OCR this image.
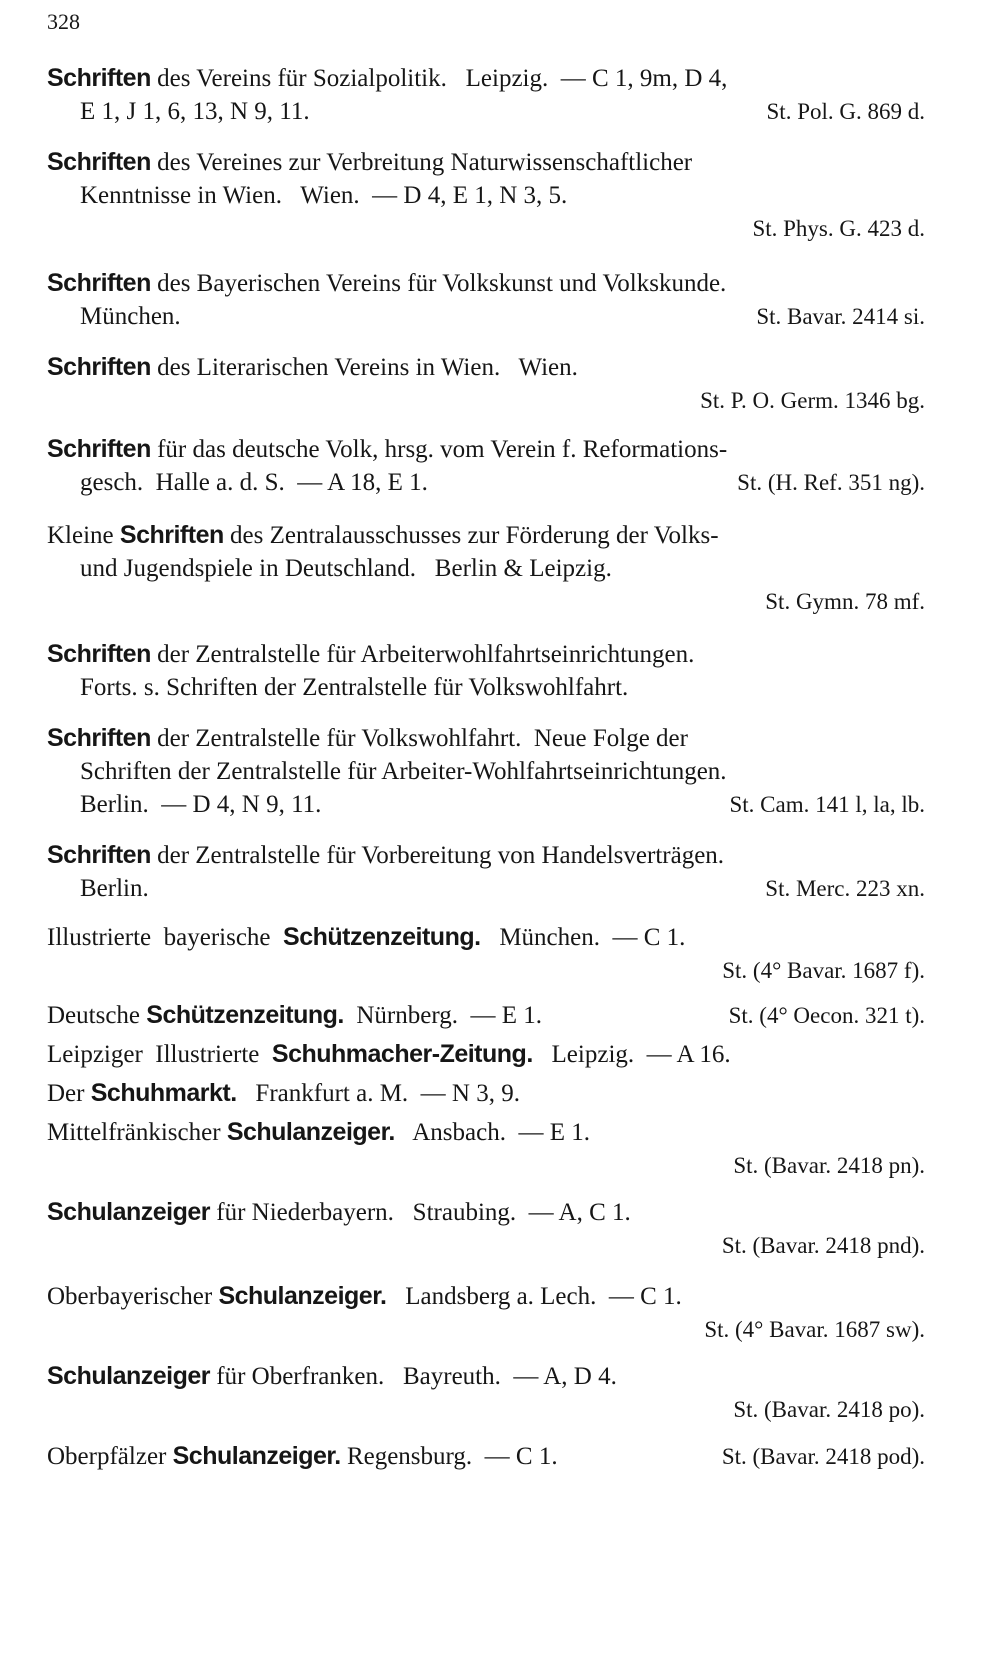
328
Schriften des Vereins für Sozialpolitik.   Leipzig.  — C 1, 9m, D 4,
E 1, J 1, 6, 13, N 9, 11.	St. Pol. G. 869 d.
Schriften des Vereines zur Verbreitung Naturwissenschaftlicher
Kenntnisse in Wien.   Wien.  — D 4, E 1, N 3, 5.
St. Phys. G. 423 d.
Schriften des Bayerischen Vereins für Volkskunst und Volkskunde.
München.	St. Bavar. 2414 si.
Schriften des Literarischen Vereins in Wien.   Wien.
St. P. O. Germ. 1346 bg.
Schriften für das deutsche Volk, hrsg. vom Verein f. Reformations-
gesch.  Halle a. d. S.  — A 18, E 1.	St. (H. Ref. 351 ng).
Kleine Schriften des Zentralausschusses zur Förderung der Volks-
und Jugendspiele in Deutschland.   Berlin & Leipzig.
St. Gymn. 78 mf.
Schriften der Zentralstelle für Arbeiterwohlfahrtseinrichtungen.
Forts. s. Schriften der Zentralstelle für Volkswohlfahrt.
Schriften der Zentralstelle für Volkswohlfahrt.  Neue Folge der
Schriften der Zentralstelle für Arbeiter-Wohlfahrtseinrichtungen.
Berlin.  — D 4, N 9, 11.	St. Cam. 141 l, la, lb.
Schriften der Zentralstelle für Vorbereitung von Handelsverträgen.
Berlin.	St. Merc. 223 xn.
Illustrierte  bayerische  Schützenzeitung.   München.  — C 1.
St. (4° Bavar. 1687 f).
Deutsche Schützenzeitung.  Nürnberg.  — E 1.	St. (4° Oecon. 321 t).
Leipziger  Illustrierte  Schuhmacher-Zeitung.   Leipzig.  — A 16.
Der Schuhmarkt.   Frankfurt a. M.  — N 3, 9.
Mittelfränkischer Schulanzeiger.   Ansbach.  — E 1.
St. (Bavar. 2418 pn).
Schulanzeiger für Niederbayern.   Straubing.  — A, C 1.
St. (Bavar. 2418 pnd).
Oberbayerischer Schulanzeiger.   Landsberg a. Lech.  — C 1.
St. (4° Bavar. 1687 sw).
Schulanzeiger für Oberfranken.   Bayreuth.  — A, D 4.
St. (Bavar. 2418 po).
Oberpfälzer Schulanzeiger. Regensburg.  — C 1.	St. (Bavar. 2418 pod).
